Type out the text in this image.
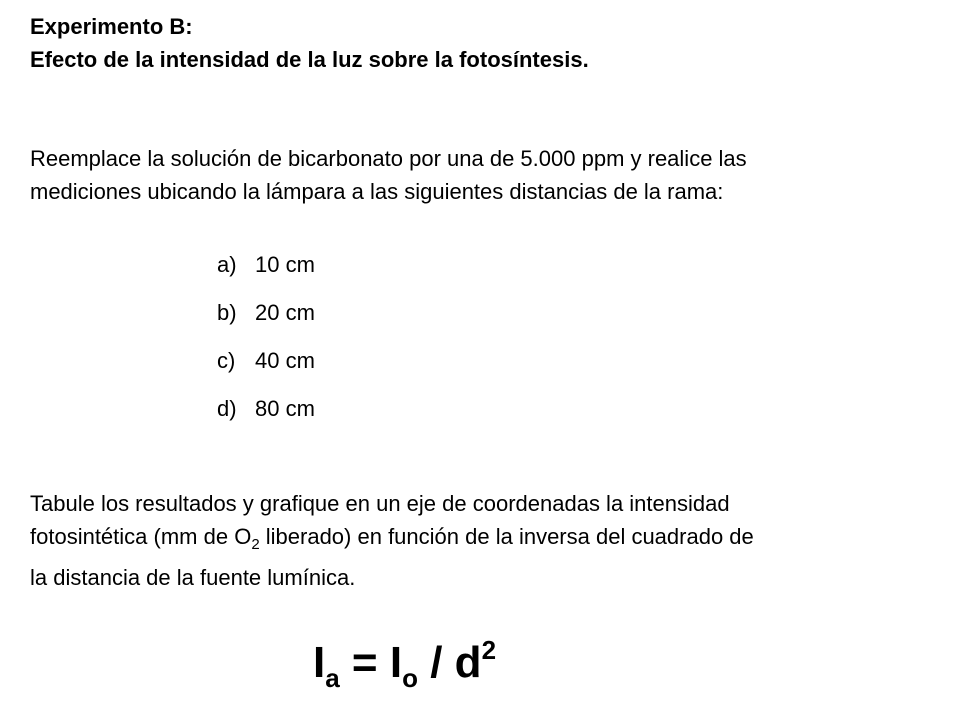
Experimento B:
Efecto de la intensidad de la luz sobre la fotosíntesis.
Reemplace la solución de bicarbonato por una de 5.000 ppm y realice las
mediciones ubicando la lámpara a las siguientes distancias de la rama:
a) 10 cm
b) 20 cm
c) 40 cm
d) 80 cm
Tabule los resultados y grafique en un eje de coordenadas la intensidad
fotosintética (mm de $O_2$ liberado) en función de la inversa del cuadrado de
la distancia de la fuente lumínica.
$I_a = I_o / d^2$
